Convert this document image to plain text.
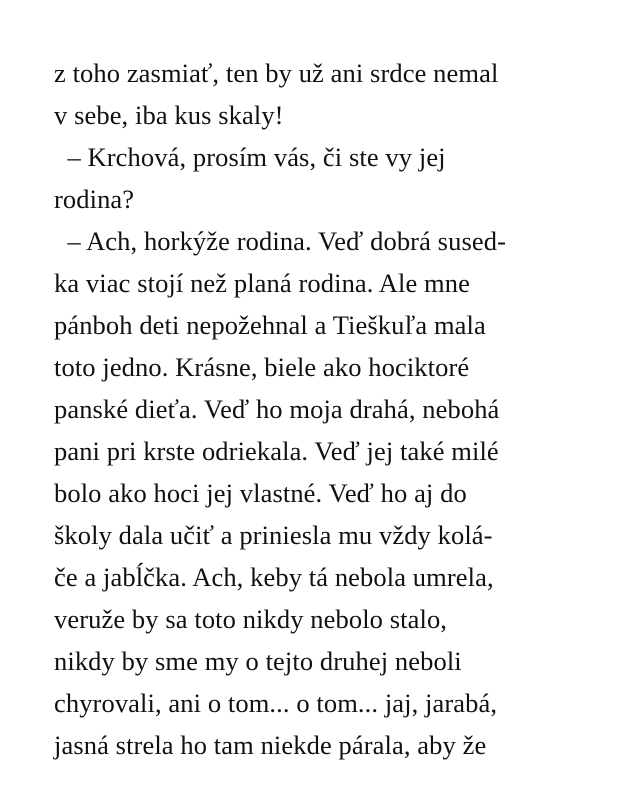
z toho zasmiať, ten by už ani srdce nemal
v sebe, iba kus skaly!
– Krchová, prosím vás, či ste vy jej
rodina?
– Ach, horkýže rodina. Veď dobrá sused-
ka viac stojí než planá rodina. Ale mne
pánboh deti nepožehnal a Tieškuľa mala
toto jedno. Krásne, biele ako hociktoré
panské dieťa. Veď ho moja drahá, nebohá
pani pri krste odriekala. Veď jej také milé
bolo ako hoci jej vlastné. Veď ho aj do
školy dala učiť a priniesla mu vždy kolá-
če a jabĺčka. Ach, keby tá nebola umrela,
veruže by sa toto nikdy nebolo stalo,
nikdy by sme my o tejto druhej neboli
chyrovali, ani o tom... o tom... jaj, jarabá,
jasná strela ho tam niekde párala, aby že
